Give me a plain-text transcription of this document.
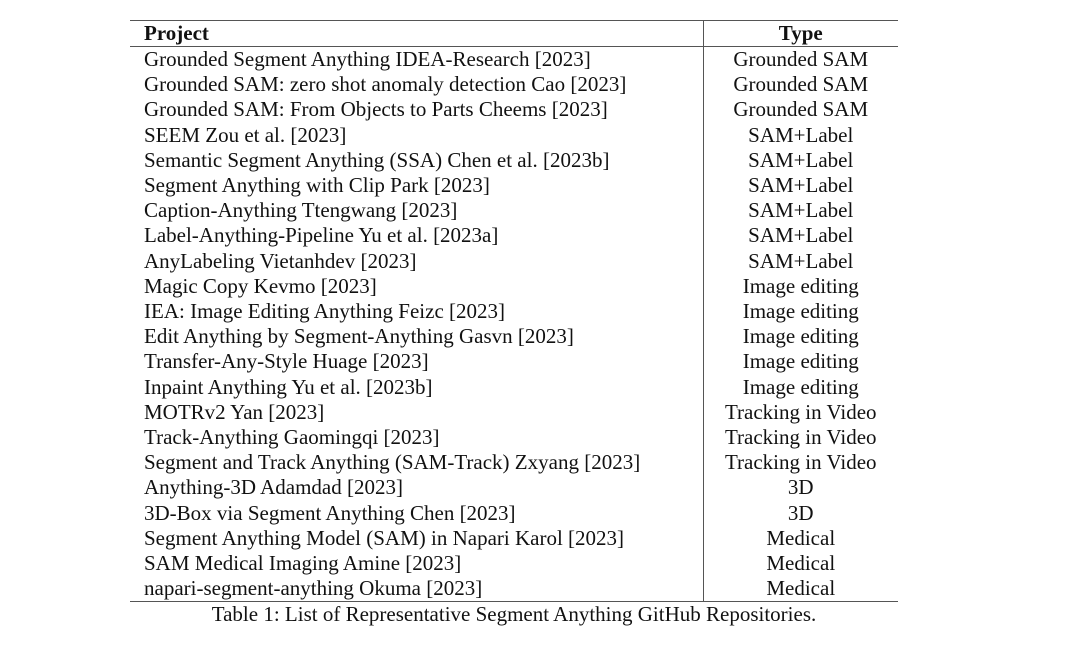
Project	Type
Grounded Segment Anything IDEA-Research [2023]	Grounded SAM
Grounded SAM: zero shot anomaly detection Cao [2023]	Grounded SAM
Grounded SAM: From Objects to Parts Cheems [2023]	Grounded SAM
SEEM Zou et al. [2023]	SAM+Label
Semantic Segment Anything (SSA) Chen et al. [2023b]	SAM+Label
Segment Anything with Clip Park [2023]	SAM+Label
Caption-Anything Ttengwang [2023]	SAM+Label
Label-Anything-Pipeline Yu et al. [2023a]	SAM+Label
AnyLabeling Vietanhdev [2023]	SAM+Label
Magic Copy Kevmo [2023]	Image editing
IEA: Image Editing Anything Feizc [2023]	Image editing
Edit Anything by Segment-Anything Gasvn [2023]	Image editing
Transfer-Any-Style Huage [2023]	Image editing
Inpaint Anything Yu et al. [2023b]	Image editing
MOTRv2 Yan [2023]	Tracking in Video
Track-Anything Gaomingqi [2023]	Tracking in Video
Segment and Track Anything (SAM-Track) Zxyang [2023]	Tracking in Video
Anything-3D Adamdad [2023]	3D
3D-Box via Segment Anything Chen [2023]	3D
Segment Anything Model (SAM) in Napari Karol [2023]	Medical
SAM Medical Imaging Amine [2023]	Medical
napari-segment-anything Okuma [2023]	Medical
Table 1: List of Representative Segment Anything GitHub Repositories.
